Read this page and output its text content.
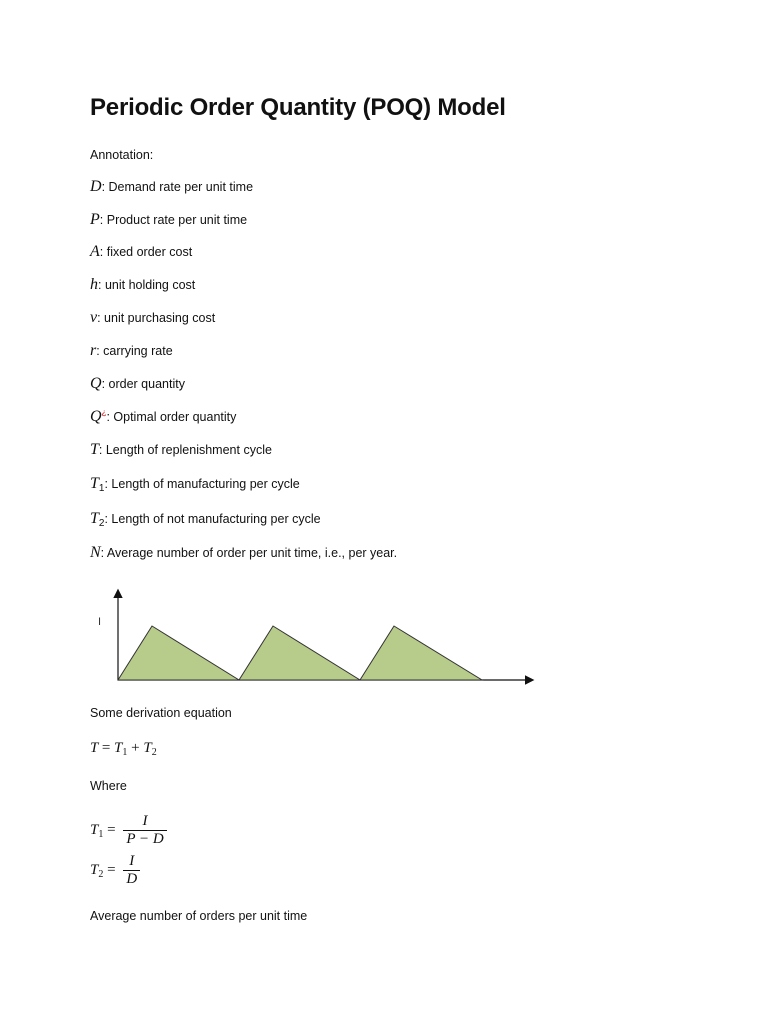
Periodic Order Quantity (POQ) Model
Annotation:
D: Demand rate per unit time
P: Product rate per unit time
A: fixed order cost
h: unit holding cost
v: unit purchasing cost
r: carrying rate
Q: order quantity
Q¿: Optimal order quantity
T: Length of replenishment cycle
$T_1$: Length of manufacturing per cycle
$T_2$: Length of not manufacturing per cycle
N: Average number of order per unit time, i.e., per year.
I
Some derivation equation
$T = T_1 + T_2$
Where
$T_1 = \frac{I}{P - D}$
$T_2 = \frac{I}{D}$
Average number of orders per unit time
